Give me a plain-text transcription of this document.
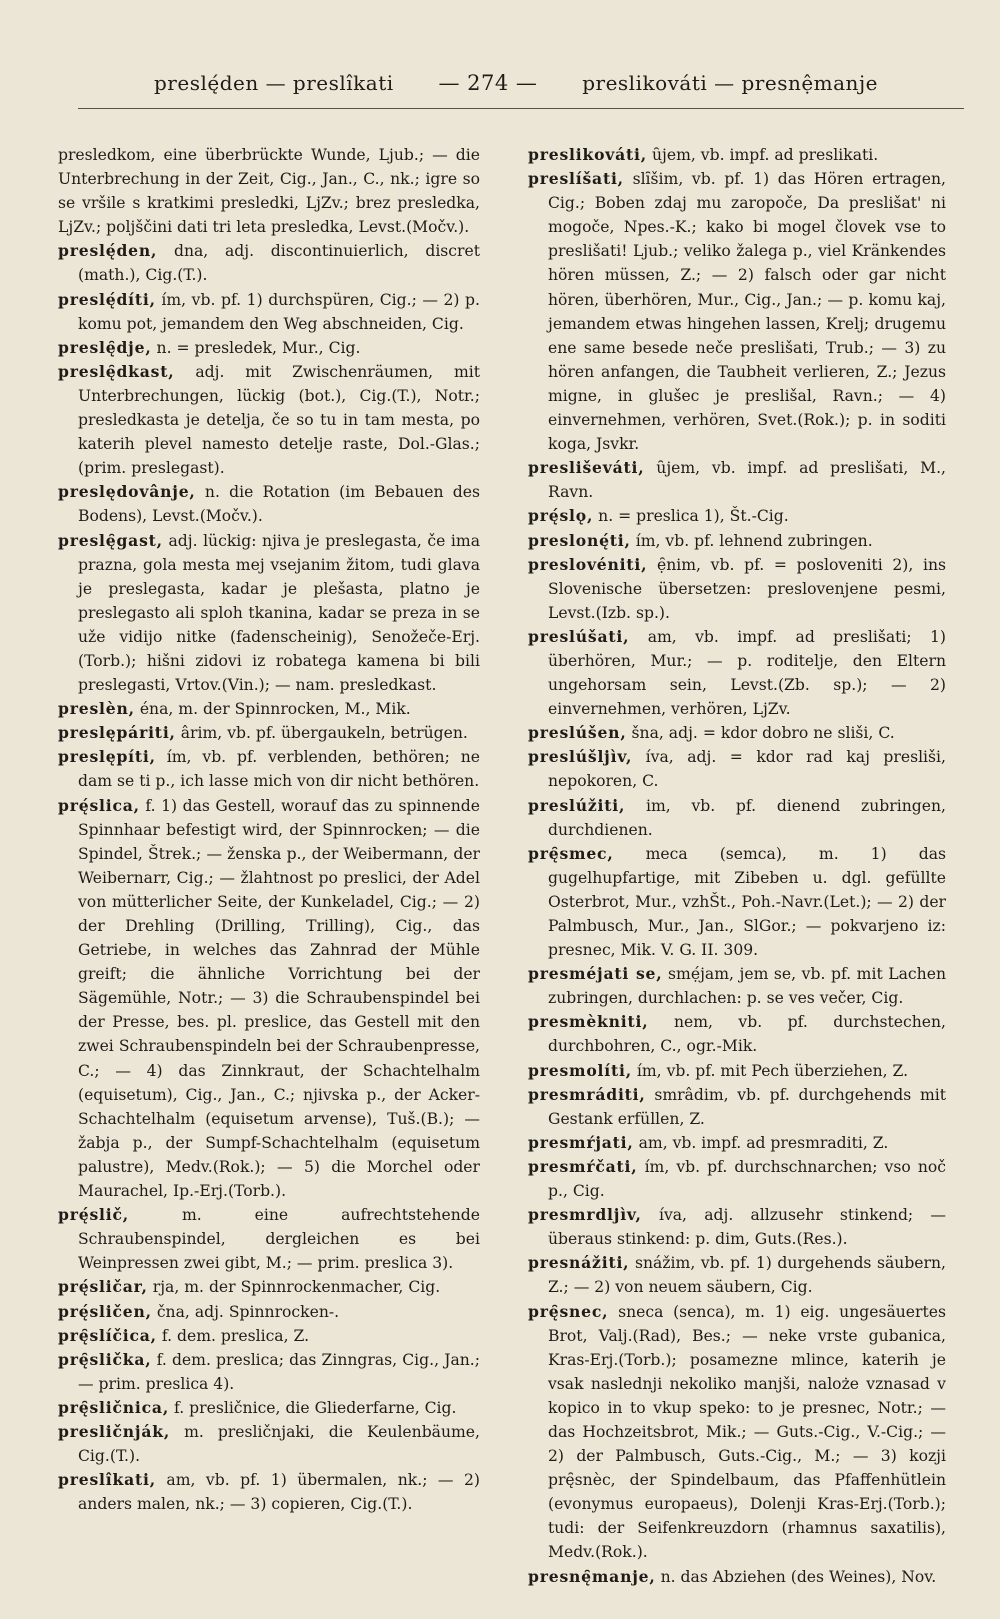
preslę́den — preslîkati — 274 — preslikováti — presnệmanje

presledkom, eine überbrückte Wunde, Ljub.; — die Unterbrechung in der Zeit, Cig., Jan., C., nk.; igre so se vršile s kratkimi presledki, LjZv.; brez presledka, LjZv.; poljščini dati tri leta presledka, Levst.(Močv.).

preslę́den, dna, adj. discontinuierlich, discret (math.), Cig.(T.).

preslę́díti, ím, vb. pf. 1) durchspüren, Cig.; — 2) p. komu pot, jemandem den Weg abschneiden, Cig.

preslę̑dje, n. = presledek, Mur., Cig.

preslę̑dkast, adj. mit Zwischenräumen, mit Unterbrechungen, lückig (bot.), Cig.(T.), Notr.; presledkasta je detelja, če so tu in tam mesta, po katerih plevel namesto detelje raste, Dol.-Glas.; (prim. preslegast).

preslędovânje, n. die Rotation (im Bebauen des Bodens), Levst.(Močv.).

preslę̑gast, adj. lückig: njiva je preslegasta, če ima prazna, gola mesta mej vsejanim žitom, tudi glava je preslegasta, kadar je plešasta, platno je preslegasto ali sploh tkanina, kadar se preza in se uže vidijo nitke (fadenscheinig), Senožeče-Erj.(Torb.); hišni zidovi iz robatega kamena bi bili preslegasti, Vrtov.(Vin.); — nam. presledkast.

preslèn, éna, m. der Spinnrocken, M., Mik.

preslępáriti, ârim, vb. pf. übergaukeln, betrügen.

preslępíti, ím, vb. pf. verblenden, bethören; ne dam se ti p., ich lasse mich von dir nicht bethören.

prę́slica, f. 1) das Gestell, worauf das zu spinnende Spinnhaar befestigt wird, der Spinnrocken; — die Spindel, Štrek.; — ženska p., der Weibermann, der Weibernarr, Cig.; — žlahtnost po preslici, der Adel von mütterlicher Seite, der Kunkeladel, Cig.; — 2) der Drehling (Drilling, Trilling), Cig., das Getriebe, in welches das Zahnrad der Mühle greift; die ähnliche Vorrichtung bei der Sägemühle, Notr.; — 3) die Schraubenspindel bei der Presse, bes. pl. preslice, das Gestell mit den zwei Schraubenspindeln bei der Schraubenpresse, C.; — 4) das Zinnkraut, der Schachtelhalm (equisetum), Cig., Jan., C.; njivska p., der Acker-Schachtelhalm (equisetum arvense), Tuš.(B.); — žabja p., der Sumpf-Schachtelhalm (equisetum palustre), Medv.(Rok.); — 5) die Morchel oder Maurachel, Ip.-Erj.(Torb.).

prę́slič,	m. eine aufrechtstehende Schraubenspindel, dergleichen es bei Weinpressen zwei gibt, M.; — prim. preslica 3).

prę́sličar, rja, m. der Spinnrockenmacher, Cig.

prę́sličen, čna, adj. Spinnrocken-.

prę̑slíčica, f. dem. preslica, Z.

prę̑slička, f. dem. preslica; das Zinngras, Cig., Jan.; — prim. preslica 4).

prę̑sličnica, f. presličnice, die Gliederfarne, Cig.

presličnják, m. presličnjaki, die Keulenbäume, Cig.(T.).

preslîkati, am, vb. pf. 1) übermalen, nk.; — 2) anders malen, nk.; — 3) copieren, Cig.(T.).

preslikováti, ȗjem, vb. impf. ad preslikati.

preslíšati, slȋšim, vb. pf. 1) das Hören ertragen, Cig.; Boben zdaj mu zaropoče, Da preslišat' ni mogoče, Npes.-K.; kako bi mogel človek vse to preslišati! Ljub.; veliko žalega p., viel Kränkendes hören müssen, Z.; — 2) falsch oder gar nicht hören, überhören, Mur., Cig., Jan.; — p. komu kaj, jemandem etwas hingehen lassen, Krelj; drugemu ene same besede neče preslišati, Trub.; — 3) zu hören anfangen, die Taubheit verlieren, Z.; Jezus migne, in glušec je preslišal, Ravn.; — 4) einvernehmen, verhören, Svet.(Rok.); p. in soditi koga, Jsvkr.

presliševáti, ȗjem, vb. impf. ad preslišati, M., Ravn.

prę́slǫ, n. = preslica 1), Št.-Cig.

preslonę́ti, ím, vb. pf. lehnend zubringen.

preslovéniti, ẹ̑nim, vb. pf. = posloveniti 2), ins Slovenische übersetzen: preslovenjene pesmi, Levst.(Izb. sp.).

preslúšati, am, vb. impf. ad preslišati; 1) überhören, Mur.; — p. roditelje, den Eltern ungehorsam sein, Levst.(Zb. sp.); — 2) einvernehmen, verhören, LjZv.

preslúšen, šna, adj. = kdor dobro ne sliši, C.

preslúšljìv, íva, adj. = kdor rad kaj presliši, nepokoren, C.

preslúžiti, im, vb. pf. dienend zubringen, durchdienen.

prę̑smec, meca (semca), m. 1) das gugelhupfartige, mit Zibeben u. dgl. gefüllte Osterbrot, Mur., vzhŠt., Poh.-Navr.(Let.); — 2) der Palmbusch, Mur., Jan., SlGor.; — pokvarjeno iz: presnec, Mik. V. G. II. 309.

presméjati se, smẹ́jam, jem se, vb. pf. mit Lachen zubringen, durchlachen: p. se ves večer, Cig.

presmèkniti, nem, vb. pf. durchstechen, durchbohren, C., ogr.-Mik.

presmolíti, ím, vb. pf. mit Pech überziehen, Z.

presmráditi, smrâdim, vb. pf. durchgehends mit Gestank erfüllen, Z.

presmŕjati, am, vb. impf. ad presmraditi, Z.

presmŕčati, ím, vb. pf. durchschnarchen; vso noč p., Cig.

presmrdljìv, íva, adj. allzusehr stinkend; — überaus stinkend: p. dim, Guts.(Res.).

presnážiti, snážim, vb. pf. 1) durgehends säubern, Z.; — 2) von neuem säubern, Cig.

prę̑snec, sneca (senca), m. 1) eig. ungesäuertes Brot, Valj.(Rad), Bes.; — neke vrste gubanica, Kras-Erj.(Torb.); posamezne mlince, katerih je vsak naslednji nekoliko manjši, naloże vznasad v kopico in to vkup speko: to je presnec, Notr.; — das Hochzeitsbrot, Mik.; — Guts.-Cig., V.-Cig.; — 2) der Palmbusch, Guts.-Cig., M.; — 3) kozji prę̑snèc, der Spindelbaum, das Pfaffenhütlein (evonymus europaeus), Dolenji Kras-Erj.(Torb.); tudi: der Seifenkreuzdorn (rhamnus saxatilis), Medv.(Rok.).

presnę̑manje, n. das Abziehen (des Weines), Nov.
